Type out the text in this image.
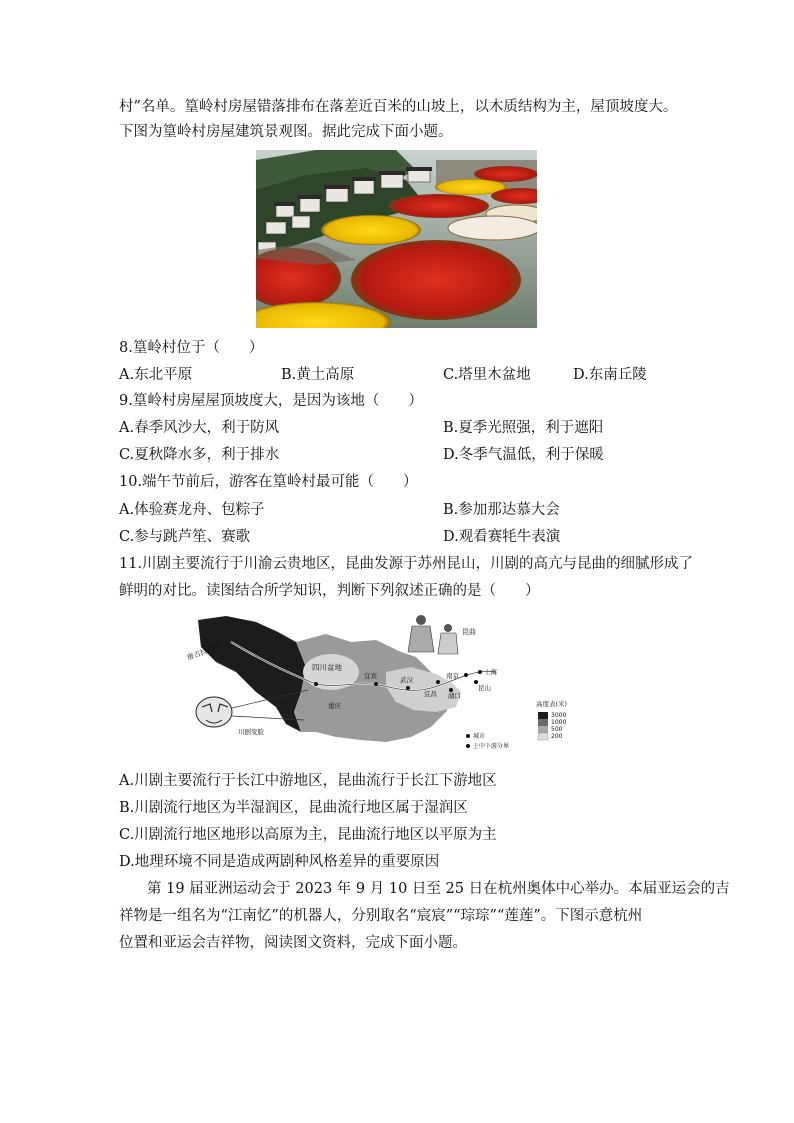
村”名单。篁岭村房屋错落排布在落差近百米的山坡上，以木质结构为主，屋顶坡度大。
下图为篁岭村房屋建筑景观图。据此完成下面小题。
8.篁岭村位于（　　）
A.东北平原	B.黄土高原	C.塔里木盆地	D.东南丘陵
9.篁岭村房屋屋顶坡度大，是因为该地（　　）
A.春季风沙大，利于防风	B.夏季光照强，利于遮阳
C.夏秋降水多，利于排水	D.冬季气温低，利于保暖
10.端午节前后，游客在篁岭村最可能（　　）
A.体验赛龙舟、包粽子	B.参加那达慕大会
C.参与跳芦笙、赛歌	D.观看赛牦牛表演
11.川剧主要流行于川渝云贵地区，昆曲发源于苏州昆山，川剧的高亢与昆曲的细腻形成了
鲜明的对比。读图结合所学知识，判断下列叙述正确的是（　　）
唐古拉山脉
四川盆地
宜宾
重庆
武汉
宜昌
南京	上海
湖口
昆山
昆曲
川剧变脸
高度表(米)
3000
1000
500
200
城市
上中下游分界
A.川剧主要流行于长江中游地区，昆曲流行于长江下游地区
B.川剧流行地区为半湿润区，昆曲流行地区属于湿润区
C.川剧流行地区地形以高原为主，昆曲流行地区以平原为主
D.地理环境不同是造成两剧种风格差异的重要原因
第 19 届亚洲运动会于 2023 年 9 月 10 日至 25 日在杭州奥体中心举办。本届亚运会的吉
祥物是一组名为“江南忆”的机器人，分别取名“宸宸”“琮琮”“莲莲”。下图示意杭州
位置和亚运会吉祥物，阅读图文资料，完成下面小题。
